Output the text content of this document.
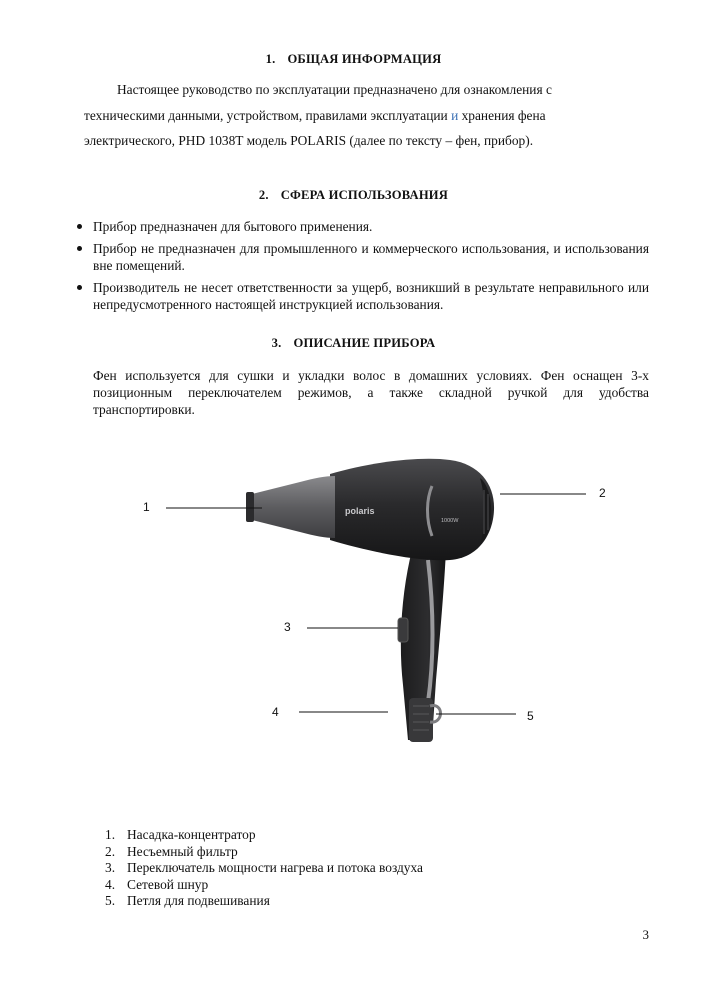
1. ОБЩАЯ ИНФОРМАЦИЯ
Настоящее руководство по эксплуатации предназначено для ознакомления с
техническими данными, устройством, правилами эксплуатации и хранения фена
электрического, PHD 1038T модель POLARIS (далее по тексту – фен, прибор).
2. СФЕРА ИСПОЛЬЗОВАНИЯ
Прибор предназначен для бытового применения.
Прибор не предназначен для промышленного и коммерческого использования, и использования вне помещений.
Производитель не несет ответственности за ущерб, возникший в результате неправильного или непредусмотренного настоящей инструкцией использования.
3. ОПИСАНИЕ ПРИБОРА
Фен используется для сушки и укладки волос в домашних условиях. Фен оснащен 3-х позиционным переключателем режимов, а также складной ручкой для удобства транспортировки.
polaris
1000W
1
2
3
4	5
1. Насадка-концентратор
2. Несъемный фильтр
3. Переключатель мощности нагрева и потока воздуха
4. Сетевой шнур
5. Петля для подвешивания
3
